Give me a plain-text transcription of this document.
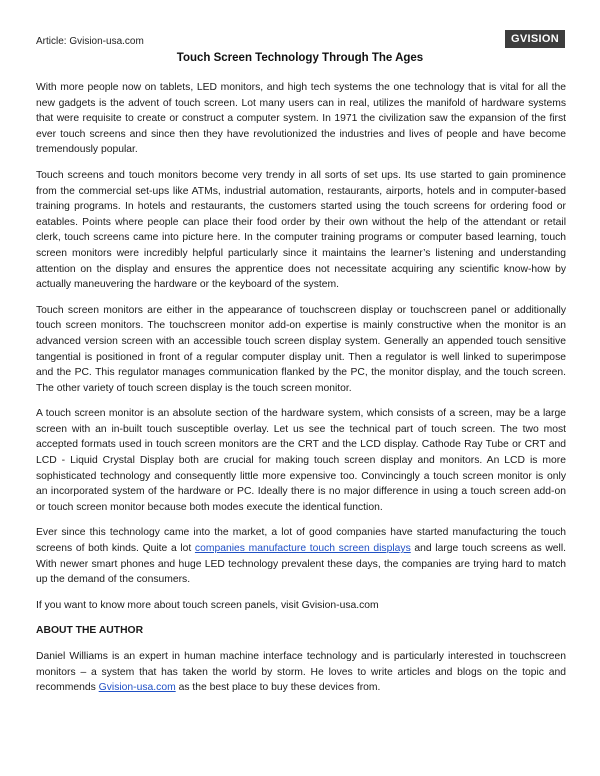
Article: Gvision-usa.com	GVISION
Touch Screen Technology Through The Ages

With more people now on tablets, LED monitors, and high tech systems the one technology that is vital for all the new gadgets is the advent of touch screen. Lot many users can in real, utilizes the manifold of hardware systems that were requisite to create or construct a computer system. In 1971 the civilization saw the expansion of the first ever touch screens and since then they have revolutionized the industries and lives of people and have become tremendously popular.

Touch screens and touch monitors become very trendy in all sorts of set ups. Its use started to gain prominence from the commercial set-ups like ATMs, industrial automation, restaurants, airports, hotels and in computer-based training programs. In hotels and restaurants, the customers started using the touch screens for ordering food or eatables. Points where people can place their food order by their own without the help of the attendant or retail clerk, touch screens came into picture here. In the computer training programs or computer based learning, touch screen monitors were incredibly helpful particularly since it maintains the learner’s listening and understanding attention on the display and ensures the apprentice does not necessitate acquiring any scientific know-how by actually maneuvering the hardware or the keyboard of the system.

Touch screen monitors are either in the appearance of touchscreen display or touchscreen panel or additionally touch screen monitors. The touchscreen monitor add-on expertise is mainly constructive when the monitor is an advanced version screen with an accessible touch screen display system. Generally an appended touch sensitive tangential is positioned in front of a regular computer display unit. Then a regulator is well linked to superimpose and the PC. This regulator manages communication flanked by the PC, the monitor display, and the touch screen. The other variety of touch screen display is the touch screen monitor.

A touch screen monitor is an absolute section of the hardware system, which consists of a screen, may be a large screen with an in-built touch susceptible overlay. Let us see the technical part of touch screen. The two most accepted formats used in touch screen monitors are the CRT and the LCD display. Cathode Ray Tube or CRT and LCD - Liquid Crystal Display both are crucial for making touch screen display and monitors. An LCD is more sophisticated technology and consequently little more expensive too. Convincingly a touch screen monitor is only an incorporated system of the hardware or PC. Ideally there is no major difference in using a touch screen add-on or touch screen monitor because both modes execute the identical function.

Ever since this technology came into the market, a lot of good companies have started manufacturing the touch screens of both kinds. Quite a lot companies manufacture touch screen displays and large touch screens as well. With newer smart phones and huge LED technology prevalent these days, the companies are trying hard to match up the demand of the consumers.

If you want to know more about touch screen panels, visit Gvision-usa.com

ABOUT THE AUTHOR

Daniel Williams is an expert in human machine interface technology and is particularly interested in touchscreen monitors – a system that has taken the world by storm. He loves to write articles and blogs on the topic and recommends Gvision-usa.com as the best place to buy these devices from.
